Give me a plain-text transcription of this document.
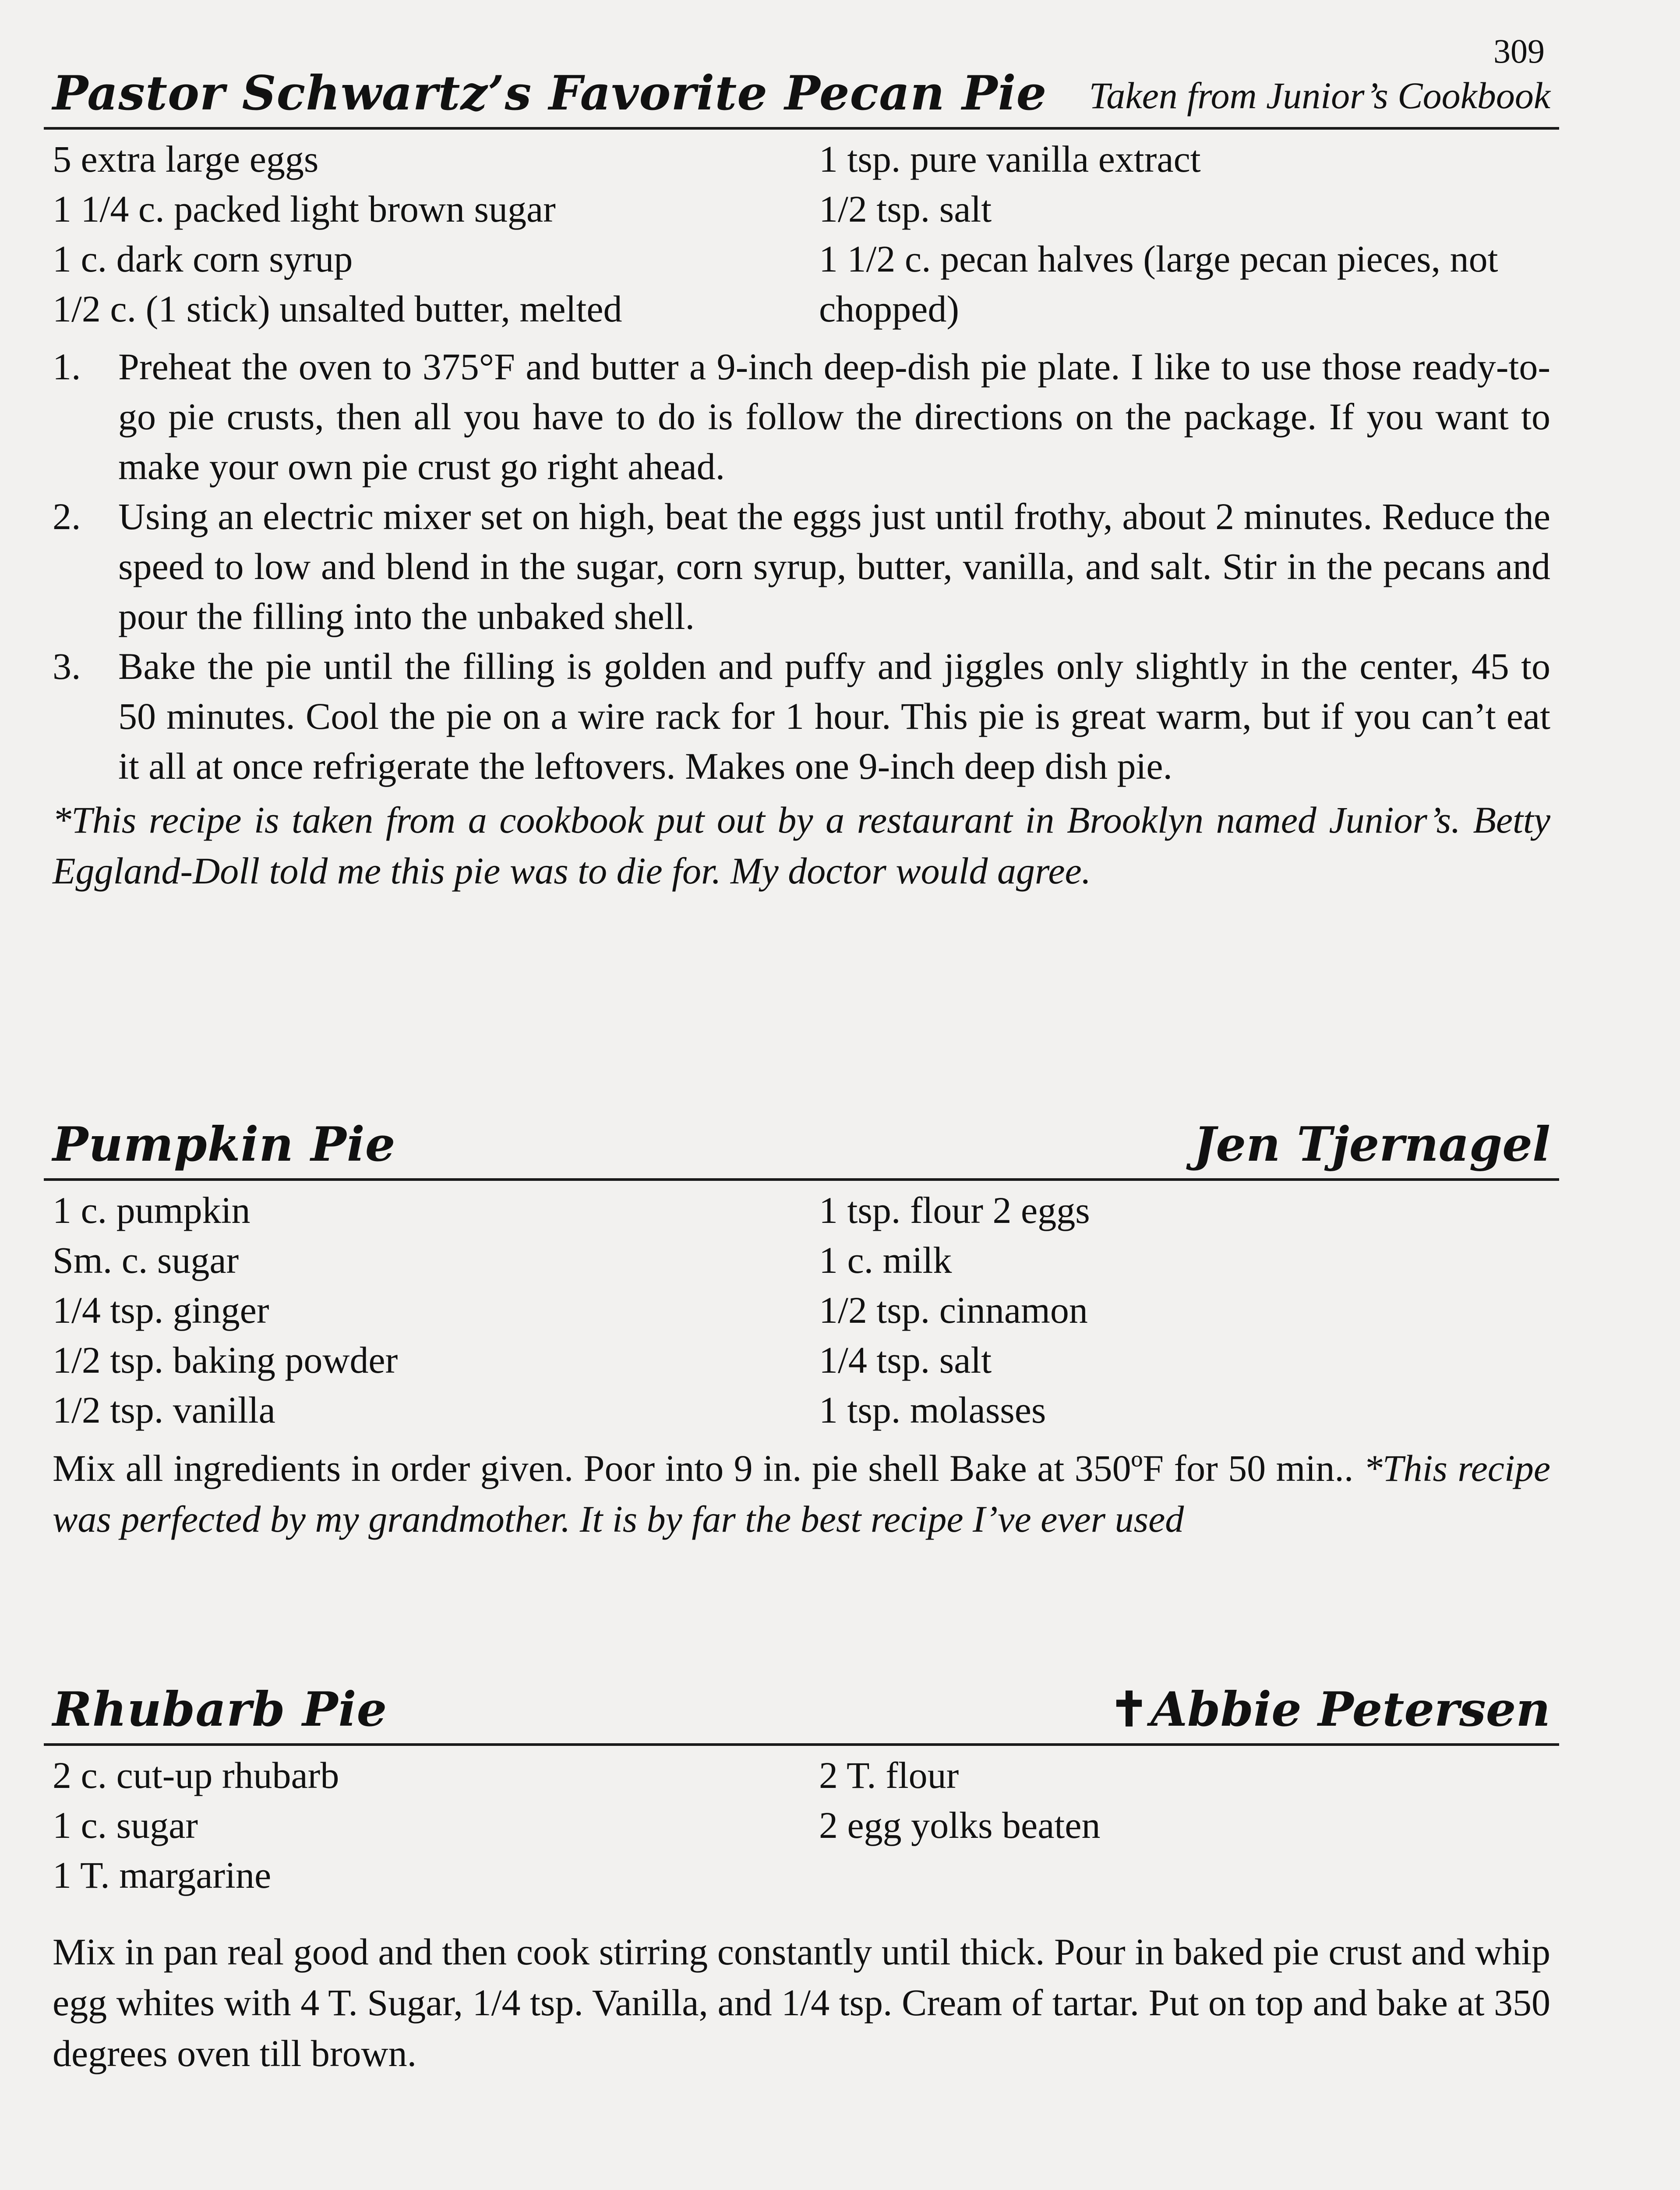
309
Pastor Schwartz’s Favorite Pecan Pie Taken from Junior’s Cookbook
5 extra large eggs
1 1/4 c. packed light brown sugar
1 c. dark corn syrup
1/2 c. (1 stick) unsalted butter, melted
1 tsp. pure vanilla extract
1/2 tsp. salt
1 1/2 c. pecan halves (large pecan pieces, not chopped)
1. Preheat the oven to 375°F and butter a 9-inch deep-dish pie plate. I like to use those ready-to-go pie crusts, then all you have to do is follow the directions on the package. If you want to make your own pie crust go right ahead.
2. Using an electric mixer set on high, beat the eggs just until frothy, about 2 minutes. Reduce the speed to low and blend in the sugar, corn syrup, butter, vanilla, and salt. Stir in the pecans and pour the filling into the unbaked shell.
3. Bake the pie until the filling is golden and puffy and jiggles only slightly in the center, 45 to 50 minutes. Cool the pie on a wire rack for 1 hour. This pie is great warm, but if you can’t eat it all at once refrigerate the leftovers. Makes one 9-inch deep dish pie.
*This recipe is taken from a cookbook put out by a restaurant in Brooklyn named Junior’s. Betty Eggland-Doll told me this pie was to die for. My doctor would agree.
Pumpkin Pie	Jen Tjernagel
1 c. pumpkin
Sm. c. sugar
1/4 tsp. ginger
1/2 tsp. baking powder
1/2 tsp. vanilla
1 tsp. flour 2 eggs
1 c. milk
1/2 tsp. cinnamon
1/4 tsp. salt
1 tsp. molasses
Mix all ingredients in order given. Poor into 9 in. pie shell Bake at 350ºF for 50 min.. *This recipe was perfected by my grandmother. It is by far the best recipe I’ve ever used
Rhubarb Pie	✝Abbie Petersen
2 c. cut-up rhubarb
1 c. sugar
1 T. margarine
2 T. flour
2 egg yolks beaten
Mix in pan real good and then cook stirring constantly until thick. Pour in baked pie crust and whip egg whites with 4 T. Sugar, 1/4 tsp. Vanilla, and 1/4 tsp. Cream of tartar. Put on top and bake at 350 degrees oven till brown.
